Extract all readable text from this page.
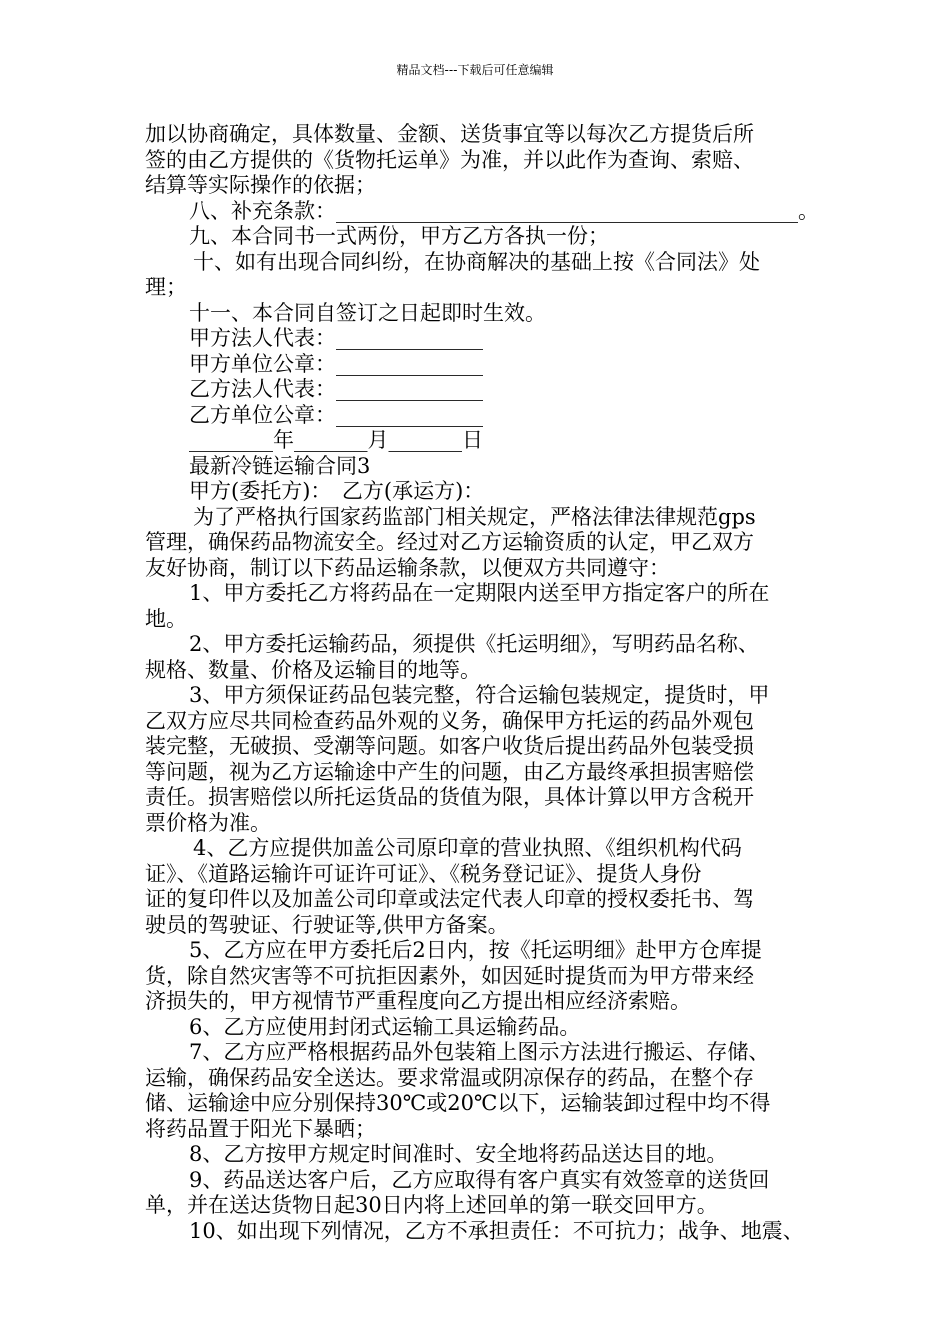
精品文档---下载后可任意编辑

加以协商确定，具体数量、金额、送货事宜等以每次乙方提货后所

签的由乙方提供的《货物托运单》为准，并以此作为查询、索赔、

结算等实际操作的依据；

八、补充条款：____________________________________________。

九、本合同书一式两份，甲方乙方各执一份；

十、如有出现合同纠纷，在协商解决的基础上按《合同法》处

理；

十一、本合同自签订之日起即时生效。

甲方法人代表：______________

甲方单位公章：______________

乙方法人代表：______________

乙方单位公章：______________

________年_______月_______日

最新冷链运输合同3

甲方(委托方)：　乙方(承运方)：

为了严格执行国家药监部门相关规定，严格法律法律规范gps

管理，确保药品物流安全。经过对乙方运输资质的认定，甲乙双方

友好协商，制订以下药品运输条款，以便双方共同遵守：

1、甲方委托乙方将药品在一定期限内送至甲方指定客户的所在

地。

2、甲方委托运输药品，须提供《托运明细》，写明药品名称、

规格、数量、价格及运输目的地等。

3、甲方须保证药品包装完整，符合运输包装规定，提货时，甲

乙双方应尽共同检查药品外观的义务，确保甲方托运的药品外观包

装完整，无破损、受潮等问题。如客户收货后提出药品外包装受损

等问题，视为乙方运输途中产生的问题，由乙方最终承担损害赔偿

责任。损害赔偿以所托运货品的货值为限，具体计算以甲方含税开

票价格为准。

4、乙方应提供加盖公司原印章的营业执照、《组织机构代码

证》、《道路运输许可证许可证》、《税务登记证》、提货人身份

证的复印件以及加盖公司印章或法定代表人印章的授权委托书、驾

驶员的驾驶证、行驶证等,供甲方备案。

5、乙方应在甲方委托后2日内，按《托运明细》赴甲方仓库提

货，除自然灾害等不可抗拒因素外，如因延时提货而为甲方带来经

济损失的，甲方视情节严重程度向乙方提出相应经济索赔。

6、乙方应使用封闭式运输工具运输药品。

7、乙方应严格根据药品外包装箱上图示方法进行搬运、存储、

运输，确保药品安全送达。要求常温或阴凉保存的药品，在整个存

储、运输途中应分别保持30℃或20℃以下，运输装卸过程中均不得

将药品置于阳光下暴晒；

8、乙方按甲方规定时间准时、安全地将药品送达目的地。

9、药品送达客户后，乙方应取得有客户真实有效签章的送货回

单，并在送达货物日起30日内将上述回单的第一联交回甲方。

10、如出现下列情况，乙方不承担责任：不可抗力；战争、地震、
